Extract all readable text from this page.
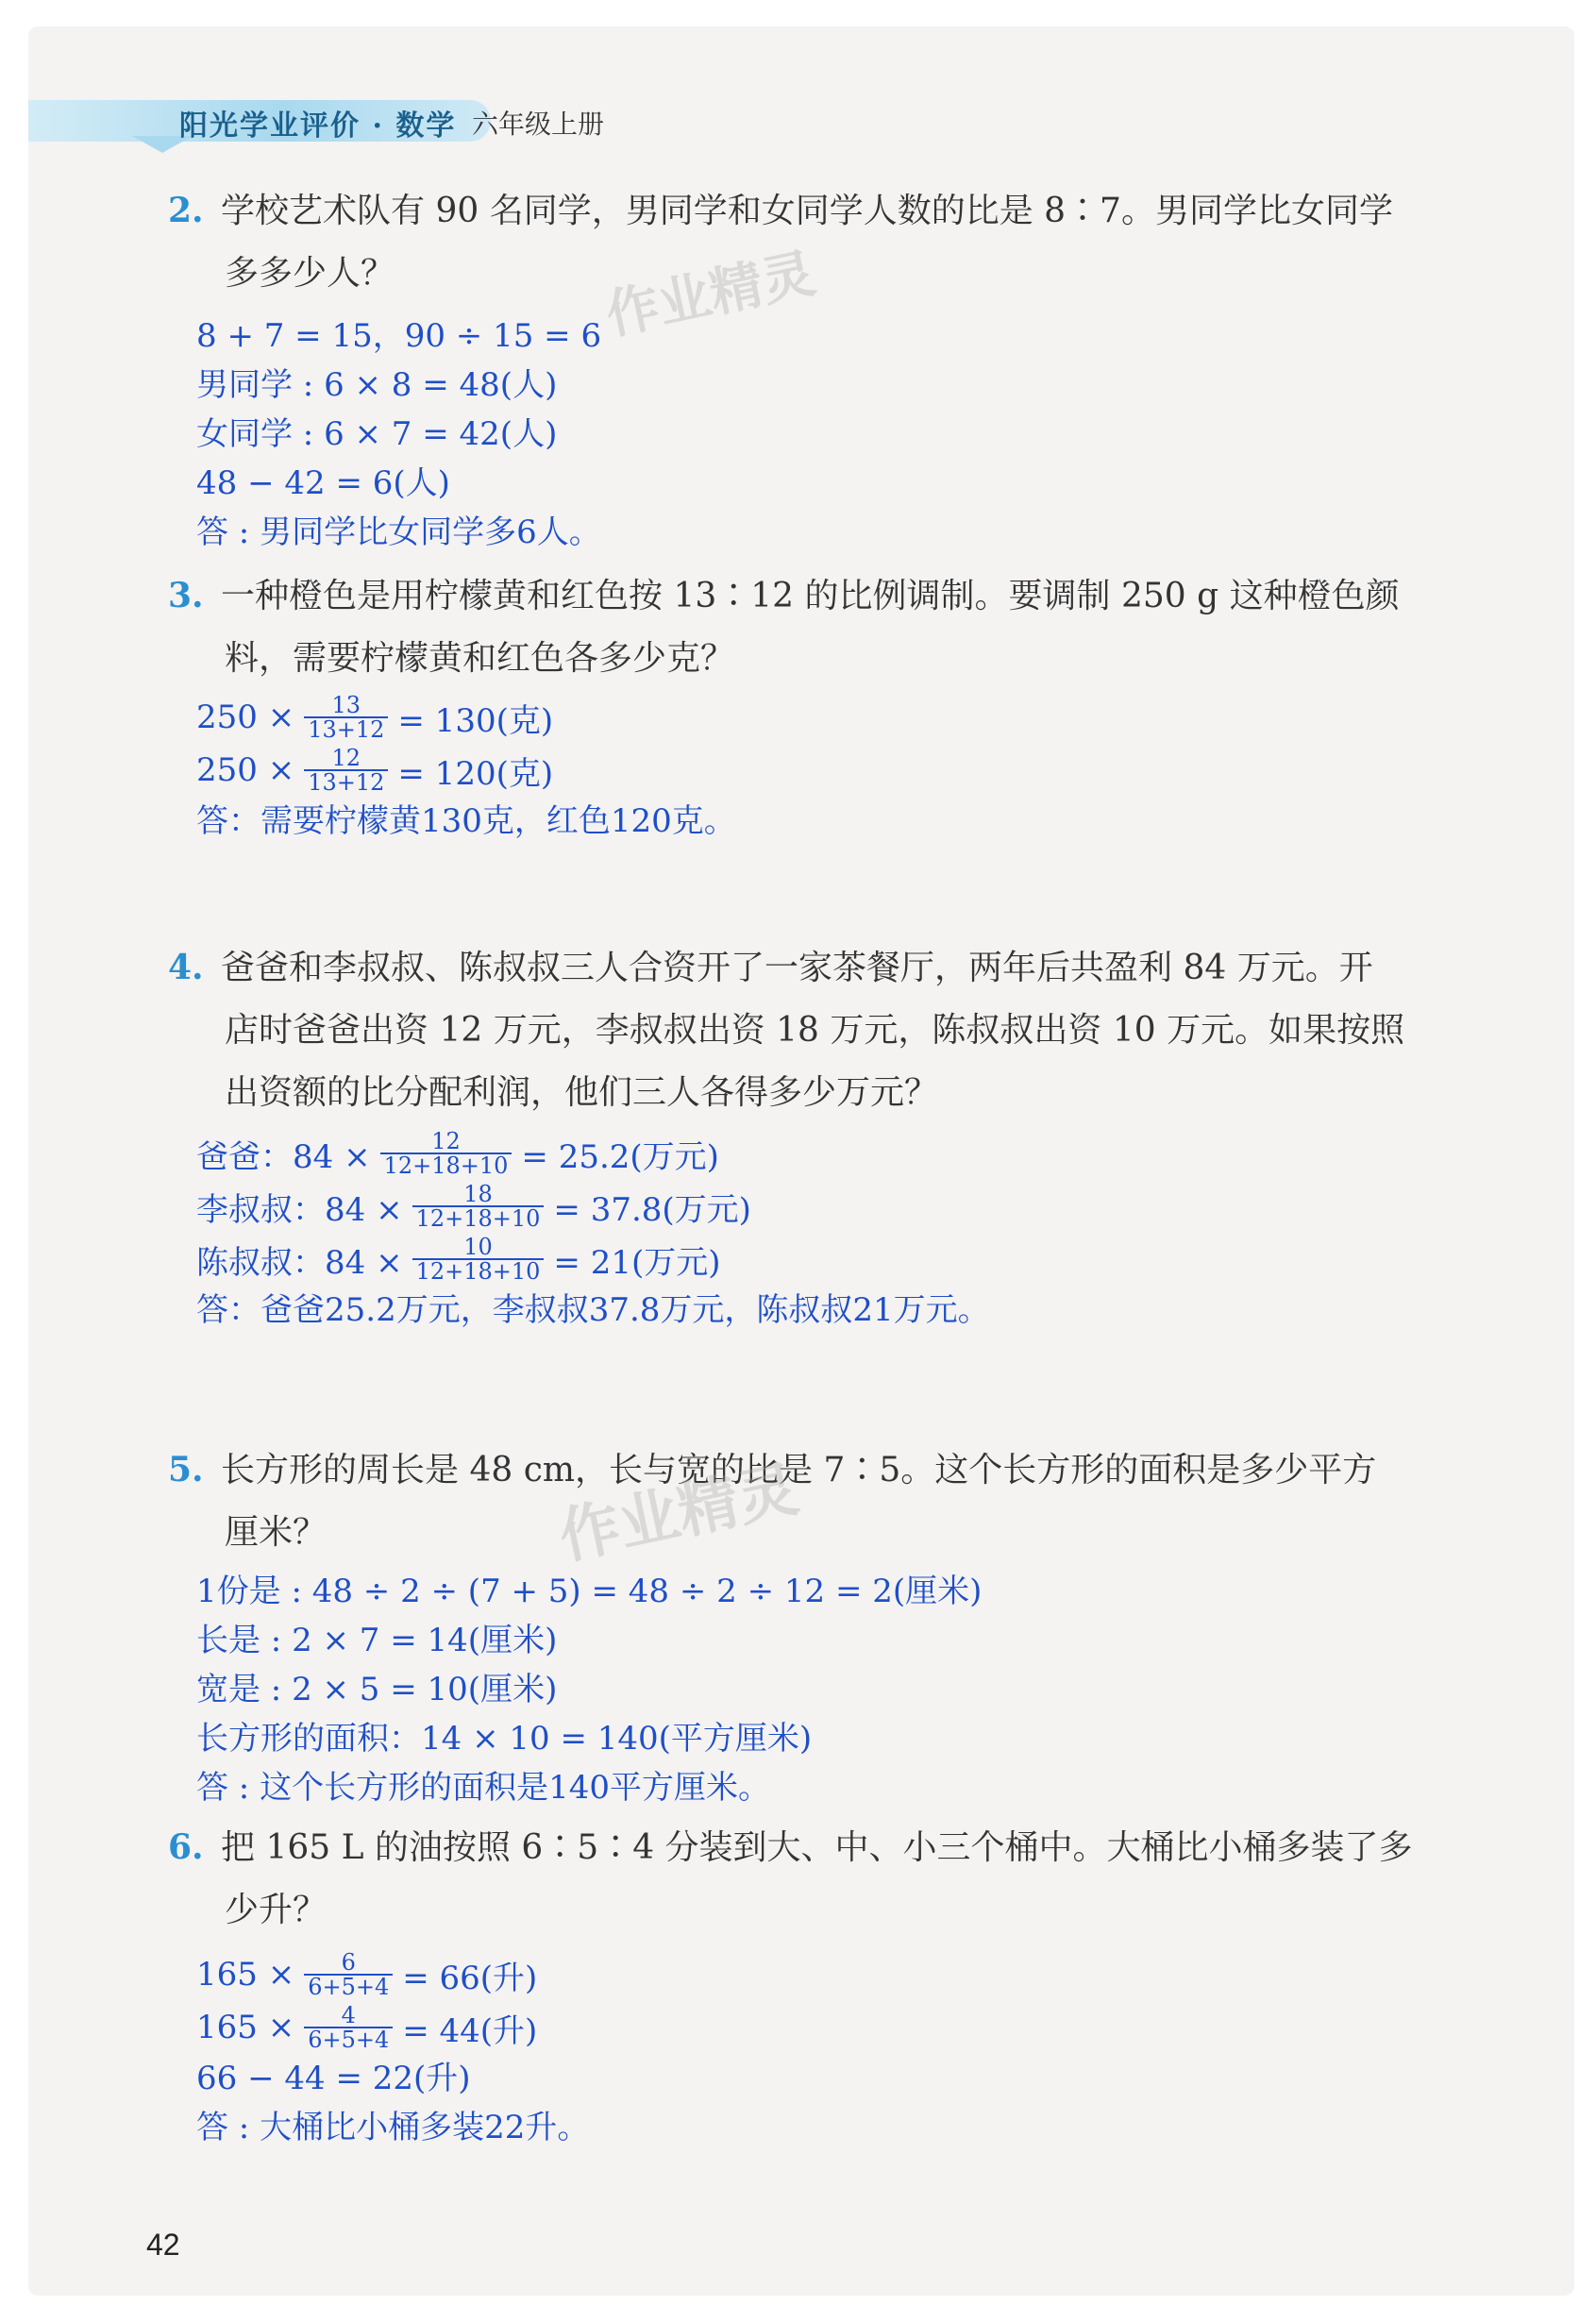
阳光学业评价 · 数学 六年级上册
2. 学校艺术队有 90 名同学，男同学和女同学人数的比是 8∶7。男同学比女同学
多多少人？
8 + 7 = 15，90 ÷ 15 = 6
男同学 : 6 × 8 = 48(人)
女同学 : 6 × 7 = 42(人)
48 − 42 = 6(人)
答 : 男同学比女同学多6人。
3. 一种橙色是用柠檬黄和红色按 13∶12 的比例调制。要调制 250 g 这种橙色颜
料，需要柠檬黄和红色各多少克？
$250 \times \frac{13}{13+12} = 130$(克)
$250 \times \frac{12}{13+12} = 120$(克)
答：需要柠檬黄130克，红色120克。
4. 爸爸和李叔叔、陈叔叔三人合资开了一家茶餐厅，两年后共盈利 84 万元。开
店时爸爸出资 12 万元，李叔叔出资 18 万元，陈叔叔出资 10 万元。如果按照
出资额的比分配利润，他们三人各得多少万元？
爸爸：$84 \times \frac{12}{12+18+10} = 25.2$(万元)
李叔叔：$84 \times \frac{18}{12+18+10} = 37.8$(万元)
陈叔叔：$84 \times \frac{10}{12+18+10} = 21$(万元)
答：爸爸25.2万元，李叔叔37.8万元，陈叔叔21万元。
5. 长方形的周长是 48 cm，长与宽的比是 7∶5。这个长方形的面积是多少平方
厘米？
1份是 : 48 ÷ 2 ÷ (7 + 5) = 48 ÷ 2 ÷ 12 = 2(厘米)
长是 : 2 × 7 = 14(厘米)
宽是 : 2 × 5 = 10(厘米)
长方形的面积：14 × 10 = 140(平方厘米)
答 : 这个长方形的面积是140平方厘米。
6. 把 165 L 的油按照 6∶5∶4 分装到大、中、小三个桶中。大桶比小桶多装了多
少升？
$165 \times \frac{6}{6+5+4} = 66$(升)
$165 \times \frac{4}{6+5+4} = 44$(升)
66 − 44 = 22(升)
答 : 大桶比小桶多装22升。
作业精灵
作业精灵
42
